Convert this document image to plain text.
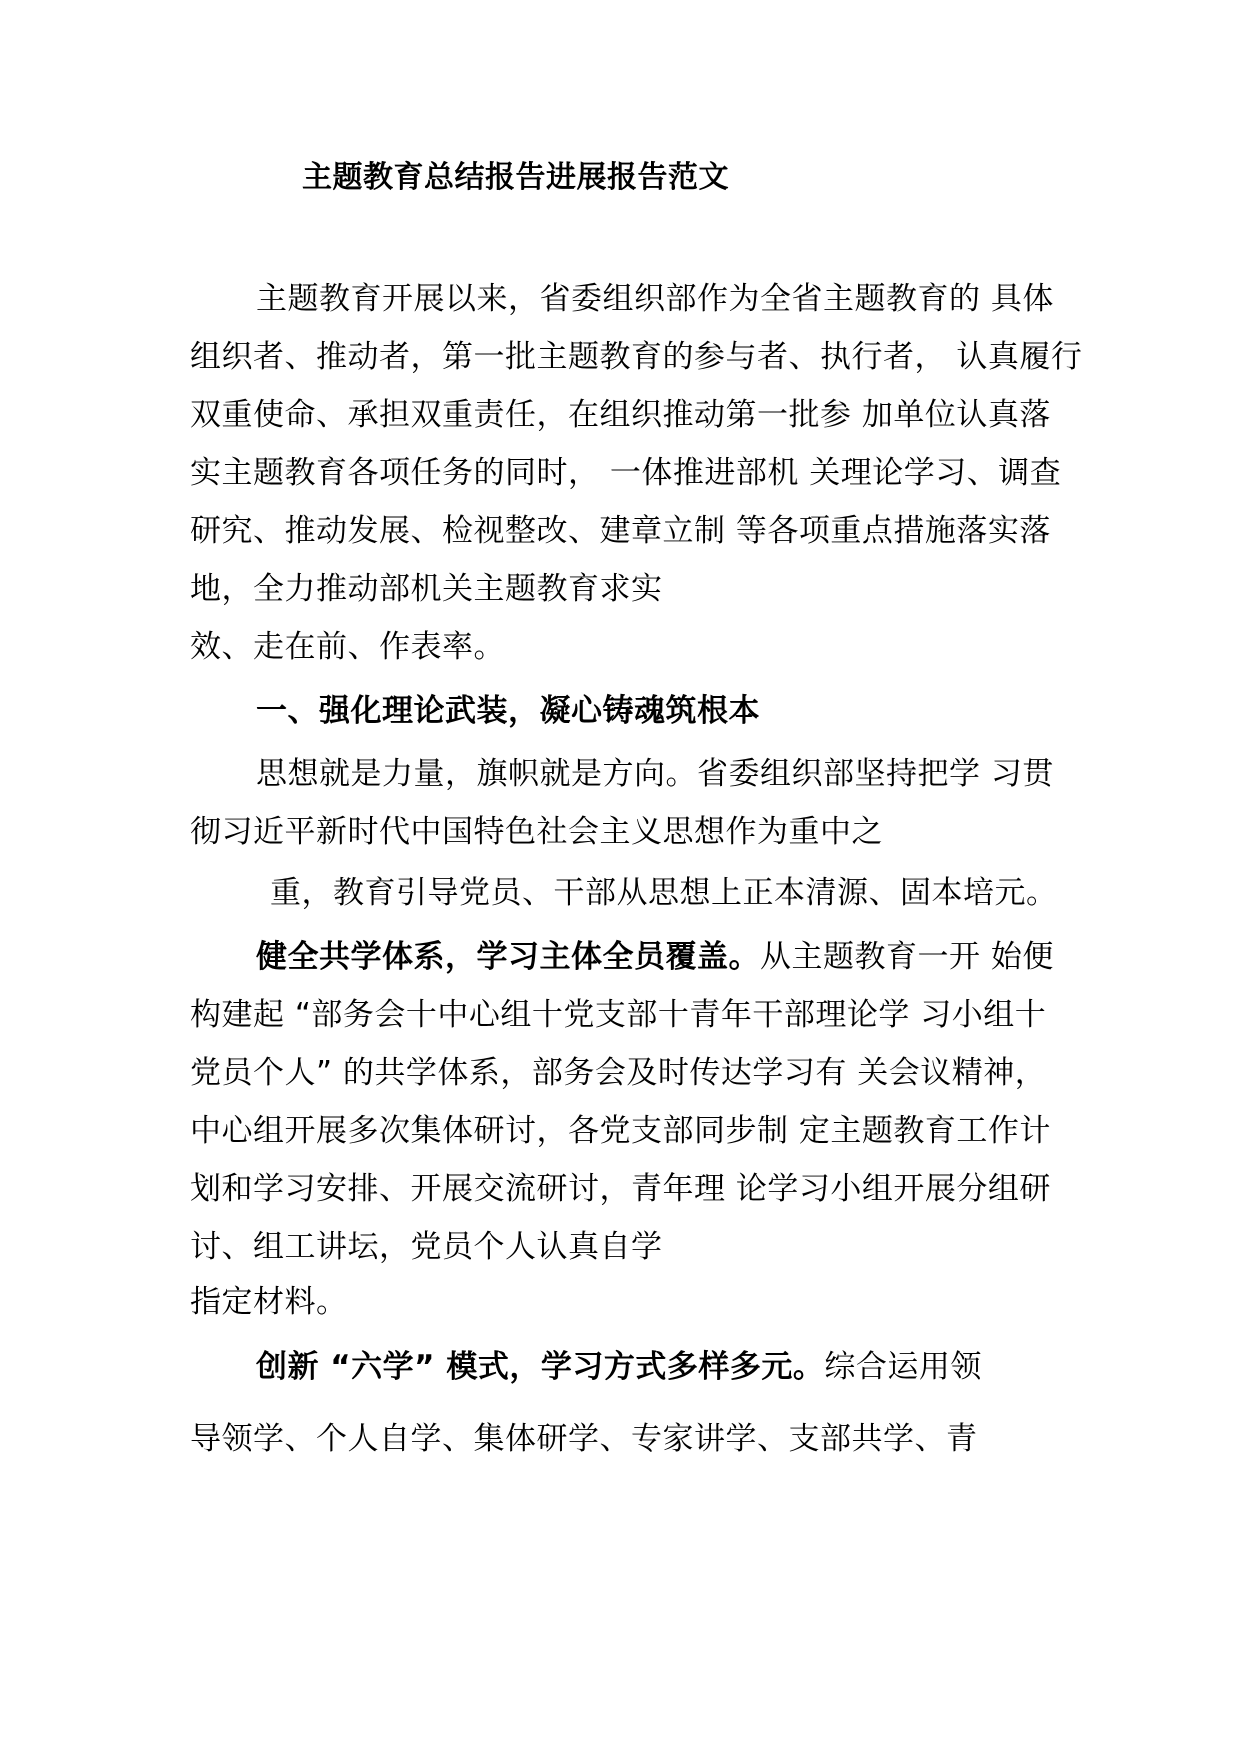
主题教育总结报告进展报告范文
主题教育开展以来，省委组织部作为全省主题教育的 具体
组织者、推动者，第一批主题教育的参与者、执行者， 认真履行
双重使命、承担双重责任，在组织推动第一批参 加单位认真落
实主题教育各项任务的同时， 一体推进部机 关理论学习、调查
研究、推动发展、检视整改、建章立制 等各项重点措施落实落
地，全力推动部机关主题教育求实
效、走在前、作表率。
一、强化理论武装，凝心铸魂筑根本
思想就是力量，旗帜就是方向。省委组织部坚持把学 习贯
彻习近平新时代中国特色社会主义思想作为重中之
重，教育引导党员、干部从思想上正本清源、固本培元。
健全共学体系，学习主体全员覆盖。从主题教育一开 始便
构建起 “部务会十中心组十党支部十青年干部理论学 习小组十
党员个人” 的共学体系，部务会及时传达学习有 关会议精神，
中心组开展多次集体研讨，各党支部同步制 定主题教育工作计
划和学习安排、开展交流研讨，青年理 论学习小组开展分组研
讨、组工讲坛，党员个人认真自学
指定材料。
创新 “六学” 模式，学习方式多样多元。综合运用领
导领学、个人自学、集体研学、专家讲学、支部共学、青
